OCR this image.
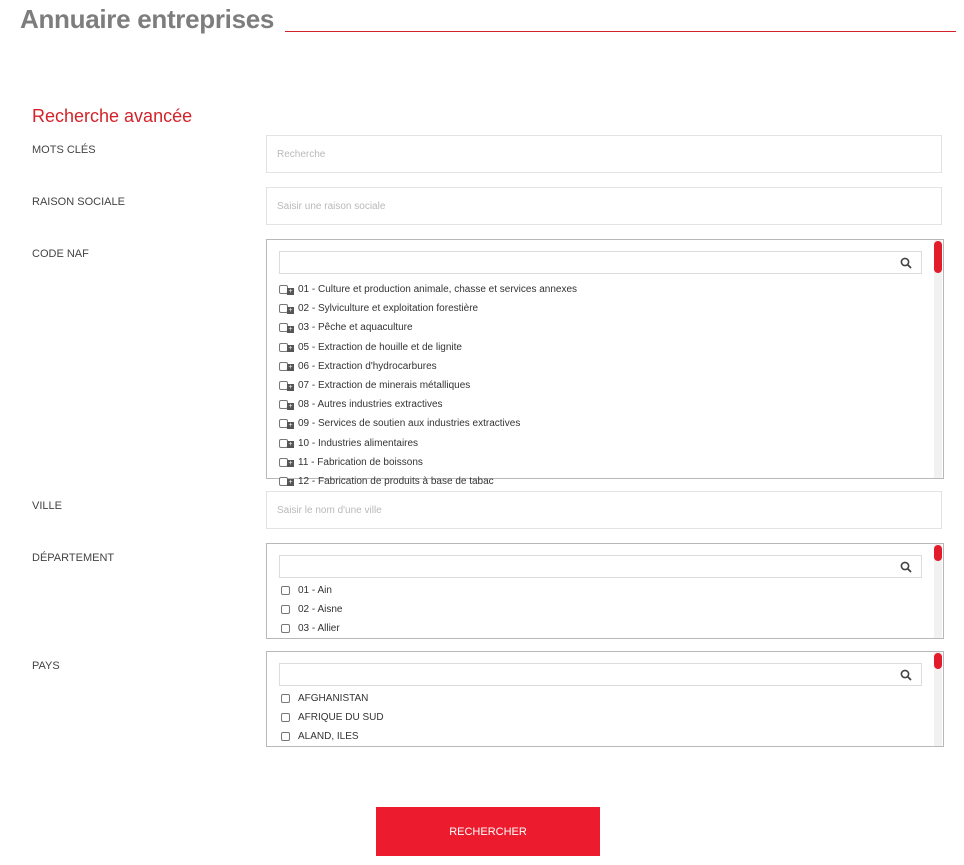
Annuaire entreprises
Recherche avancée
MOTS CLÉS
Recherche
RAISON SOCIALE
Saisir une raison sociale
CODE NAF
+ 01 - Culture et production animale, chasse et services annexes
+ 02 - Sylviculture et exploitation forestière
+ 03 - Pêche et aquaculture
+ 05 - Extraction de houille et de lignite
+ 06 - Extraction d'hydrocarbures
+ 07 - Extraction de minerais métalliques
+ 08 - Autres industries extractives
+ 09 - Services de soutien aux industries extractives
+ 10 - Industries alimentaires
+ 11 - Fabrication de boissons
+ 12 - Fabrication de produits à base de tabac
VILLE
Saisir le nom d'une ville
DÉPARTEMENT
01 - Ain
02 - Aisne
03 - Allier
PAYS
AFGHANISTAN
AFRIQUE DU SUD
ALAND, ILES
RECHERCHER
